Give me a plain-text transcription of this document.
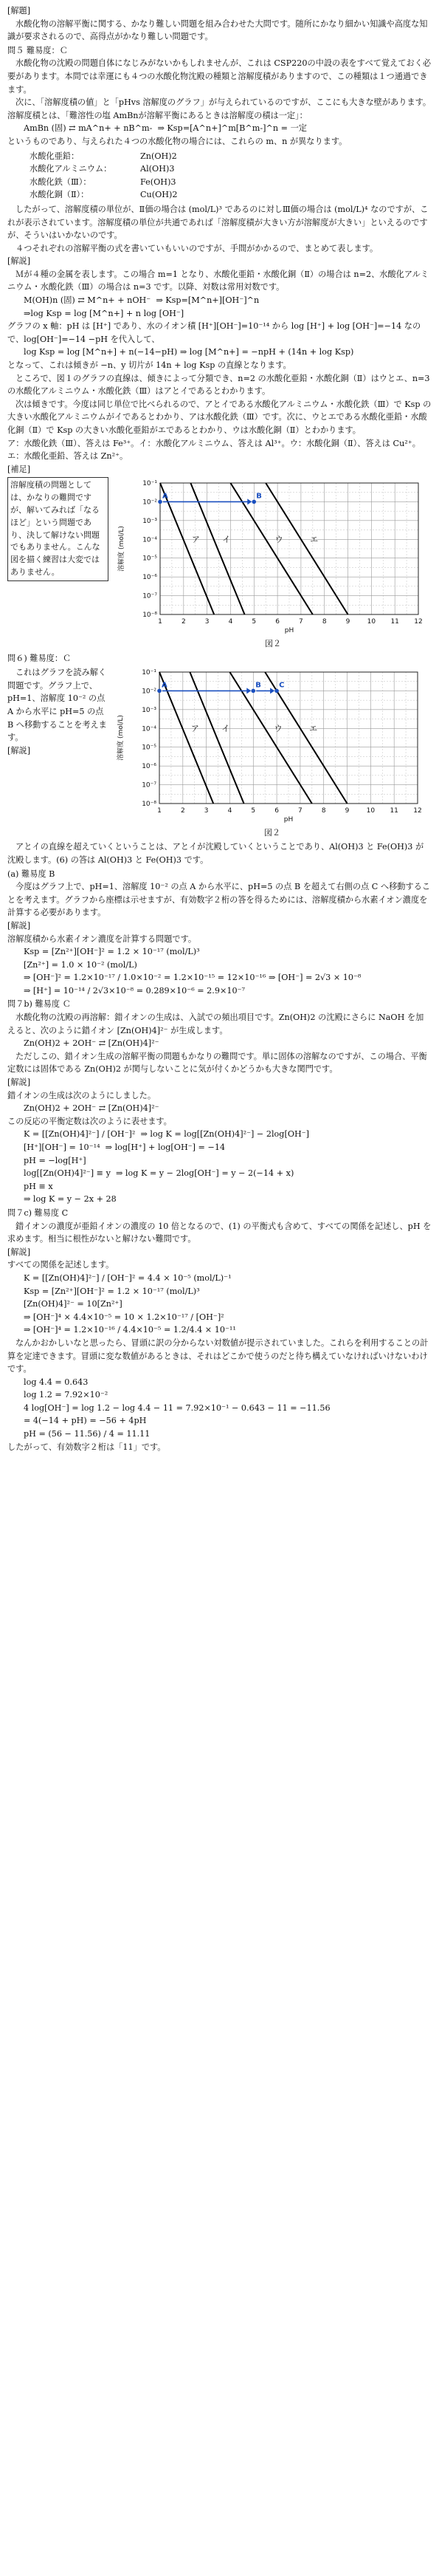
[解題]

水酸化物の溶解平衡に関する、かなり難しい問題を組み合わせた大問です。随所にかなり細かい知識や高度な知識が要求されるので、高得点がかなり難しい問題です。

問５ 難易度：Ｃ

水酸化物の沈殿の問題自体になじみがないかもしれませんが、これは CSP220の中設の表をすべて覚えておく必要があります。本問では幸運にも４つの水酸化物沈殿の種類と溶解度積がありますので、この種類は１つ通過できます。

次に、「溶解度積の値」と「pHvs 溶解度のグラフ」が与えられているのですが、ここにも大きな壁があります。溶解度積とは、「難溶性の塩 AmBnが溶解平衡にあるときは溶解度の積は一定」：

AmBn (固) ⇄ mA^n+ + nB^m-  ⇒ Ksp=[A^n+]^m[B^m-]^n = 一定

というものであり、与えられた４つの水酸化物の場合には、これらの m、n が異なります。

水酸化亜鉛：	Zn(OH)2
水酸化アルミニウム：	Al(OH)3
水酸化鉄（Ⅲ）：	Fe(OH)3
水酸化銅（Ⅱ）：	Cu(OH)2

したがって、溶解度積の単位が、Ⅱ価の場合は (mol/L)³ であるのに対しⅢ価の場合は (mol/L)⁴ なのですが、これが表示されています。溶解度積の単位が共通であれば「溶解度積が大きい方が溶解度が大きい」といえるのですが、そういはいかないのです。

４つそれぞれの溶解平衡の式を書いていもいいのですが、手間がかかるので、まとめて表します。

[解説]

Ｍが４種の金属を表します。この場合 m=1 となり、水酸化亜鉛・水酸化銅（Ⅱ）の場合は n=2、水酸化アルミニウム・水酸化鉄（Ⅲ）の場合は n=3 です。以降、対数は常用対数です。

M(OH)n (固) ⇄ M^n+ + nOH⁻  ⇒ Ksp=[M^n+][OH⁻]^n

⇒log Ksp = log [M^n+] + n log [OH⁻]

グラフの x 軸：pH は [H⁺] であり、水のイオン積 [H⁺][OH⁻]=10⁻¹⁴ から log [H⁺] + log [OH⁻]=−14 なので、log[OH⁻]=−14 −pH を代入して、

log Ksp = log [M^n+] + n(−14−pH) ⇒ log [M^n+] = −npH + (14n + log Ksp)

となって、これは傾きが −n、y 切片が 14n + log Ksp の直線となります。

ところで、図１のグラフの直線は、傾きによって分類でき、n=2 の水酸化亜鉛・水酸化銅（Ⅱ）はウとエ、n=3 の水酸化アルミニウム・水酸化鉄（Ⅲ）はアとイであるとわかります。

次は傾きです。今度は同じ単位で比べられるので、アとイである水酸化アルミニウム・水酸化鉄（Ⅲ）で Ksp の大きい水酸化アルミニウムがイであるとわかり、アは水酸化鉄（Ⅲ）です。次に、ウとエである水酸化亜鉛・水酸化銅（Ⅱ）で Ksp の大きい水酸化亜鉛がエであるとわかり、ウは水酸化銅（Ⅱ）とわかります。

ア：水酸化鉄（Ⅲ）、答えは Fe³⁺。イ：水酸化アルミニウム、答えは Al³⁺。ウ：水酸化銅（Ⅱ）、答えは Cu²⁺。エ：水酸化亜鉛、答えは Zn²⁺。

[補足]

溶解度積の問題としては、かなりの難問ですが、解いてみれば「なるほど」という問題であり、決して解けない問題でもありません。こんな図を描く練習は大変ではありません。
1	2	3	4	5	6	7	8	9	10 11 12
10⁻¹
10⁻²
10⁻³
10⁻⁴
10⁻⁵
10⁻⁶
10⁻⁷
10⁻⁸
pH
溶解度 (mol/L)	ア	イ	ウ	エ
A	B
図２

問６) 難易度：Ｃ

これはグラフを読み解く問題です。グラフ上で、pH=1、溶解度 10⁻² の点 A から水平に pH=5 の点 B へ移動することを考えます。

[解説]

1	2	3	4	5	6	7	8	9	10 11 12
10⁻¹
10⁻²
10⁻³
10⁻⁴
10⁻⁵
10⁻⁶
10⁻⁷
10⁻⁸
pH
溶解度 (mol/L)	ア	イ	ウ	エ
A	B C
図２

アとイの直線を超えていくということは、アとイが沈殿していくということであり、Al(OH)3 と Fe(OH)3 が沈殿します。(6) の答は Al(OH)3 と Fe(OH)3 です。

(a) 難易度 B

今度はグラフ上で、pH=1、溶解度 10⁻² の点 A から水平に、pH=5 の点 B を超えて右側の点 C へ移動することを考えます。グラフから座標は示せますが、有効数字２桁の答を得るためには、溶解度積から水素イオン濃度を計算する必要があります。

[解説]

溶解度積から水素イオン濃度を計算する問題です。

Ksp = [Zn²⁺][OH⁻]² = 1.2 × 10⁻¹⁷ (mol/L)³

[Zn²⁺] = 1.0 × 10⁻² (mol/L)

⇒ [OH⁻]² = 1.2×10⁻¹⁷ / 1.0×10⁻² = 1.2×10⁻¹⁵ = 12×10⁻¹⁶ ⇒ [OH⁻] = 2√3 × 10⁻⁸

⇒ [H⁺] = 10⁻¹⁴ / 2√3×10⁻⁸ = 0.289×10⁻⁶ = 2.9×10⁻⁷

問７b) 難易度 Ｃ

水酸化物の沈殿の再溶解：錯イオンの生成は、入試での頻出項目です。Zn(OH)2 の沈殿にさらに NaOH を加えると、次のように錯イオン [Zn(OH)4]²⁻ が生成します。

Zn(OH)2 + 2OH⁻ ⇄ [Zn(OH)4]²⁻

ただしこの、錯イオン生成の溶解平衡の問題もかなりの難問です。単に固体の溶解なのですが、この場合、平衡定数には固体である Zn(OH)2 が関与しないことに気が付くかどうかも大きな関門です。

[解説]

錯イオンの生成は次のようにしました。

Zn(OH)2 + 2OH⁻ ⇄ [Zn(OH)4]²⁻

この反応の平衡定数は次のように表せます。

K = [[Zn(OH)4]²⁻] / [OH⁻]²  ⇒ log K = log[[Zn(OH)4]²⁻] − 2log[OH⁻]

[H⁺][OH⁻] = 10⁻¹⁴  ⇒ log[H⁺] + log[OH⁻] = −14

pH = −log[H⁺]

log[[Zn(OH)4]²⁻] ≡ y  ⇒ log K = y − 2log[OH⁻] = y − 2(−14 + x)

pH ≡ x

⇒ log K = y − 2x + 28

問７c) 難易度 C

錯イオンの濃度が亜鉛イオンの濃度の 10 倍となるので、(1) の平衡式も含めて、すべての関係を記述し、pH を求めます。相当に根性がないと解けない難問です。

[解説]

すべての関係を記述します。

K = [[Zn(OH)4]²⁻] / [OH⁻]² = 4.4 × 10⁻⁵ (mol/L)⁻¹

Ksp = [Zn²⁺][OH⁻]² = 1.2 × 10⁻¹⁷ (mol/L)³

[Zn(OH)4]²⁻ = 10[Zn²⁺]

⇒ [OH⁻]⁴ × 4.4×10⁻⁵ = 10 × 1.2×10⁻¹⁷ / [OH⁻]²

⇒ [OH⁻]⁴ = 1.2×10⁻¹⁶ / 4.4×10⁻⁵ = 1.2/4.4 × 10⁻¹¹

なんかおかしいなと思ったら、冒頭に訳の分からない対数値が提示されていました。これらを利用することの計算を定達できます。冒頭に変な数値があるときは、それはどこかで使うのだと待ち構えていなければいけないわけです。

log 4.4 = 0.643

log 1.2 = 7.92×10⁻²

4 log[OH⁻] = log 1.2 − log 4.4 − 11 = 7.92×10⁻¹ − 0.643 − 11 = −11.56

= 4(−14 + pH) = −56 + 4pH

pH = (56 − 11.56) / 4 = 11.11

したがって、有効数字２桁は「11」です。
